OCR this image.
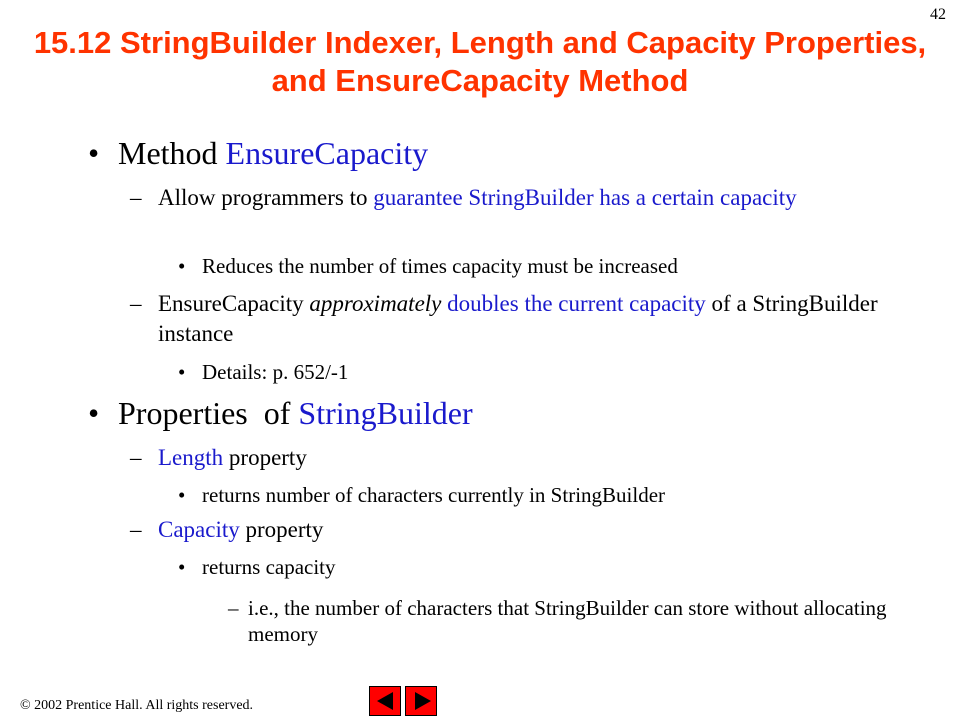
42
15.12 StringBuilder Indexer, Length and Capacity Properties, and EnsureCapacity Method
• Method EnsureCapacity
– Allow programmers to guarantee StringBuilder has a certain capacity
• Reduces the number of times capacity must be increased
– EnsureCapacity approximately doubles the current capacity of a StringBuilder instance
• Details: p. 652/-1
• Properties  of StringBuilder
– Length property
• returns number of characters currently in StringBuilder
– Capacity property
• returns capacity
– i.e., the number of characters that StringBuilder can store without allocating memory
© 2002 Prentice Hall. All rights reserved.
